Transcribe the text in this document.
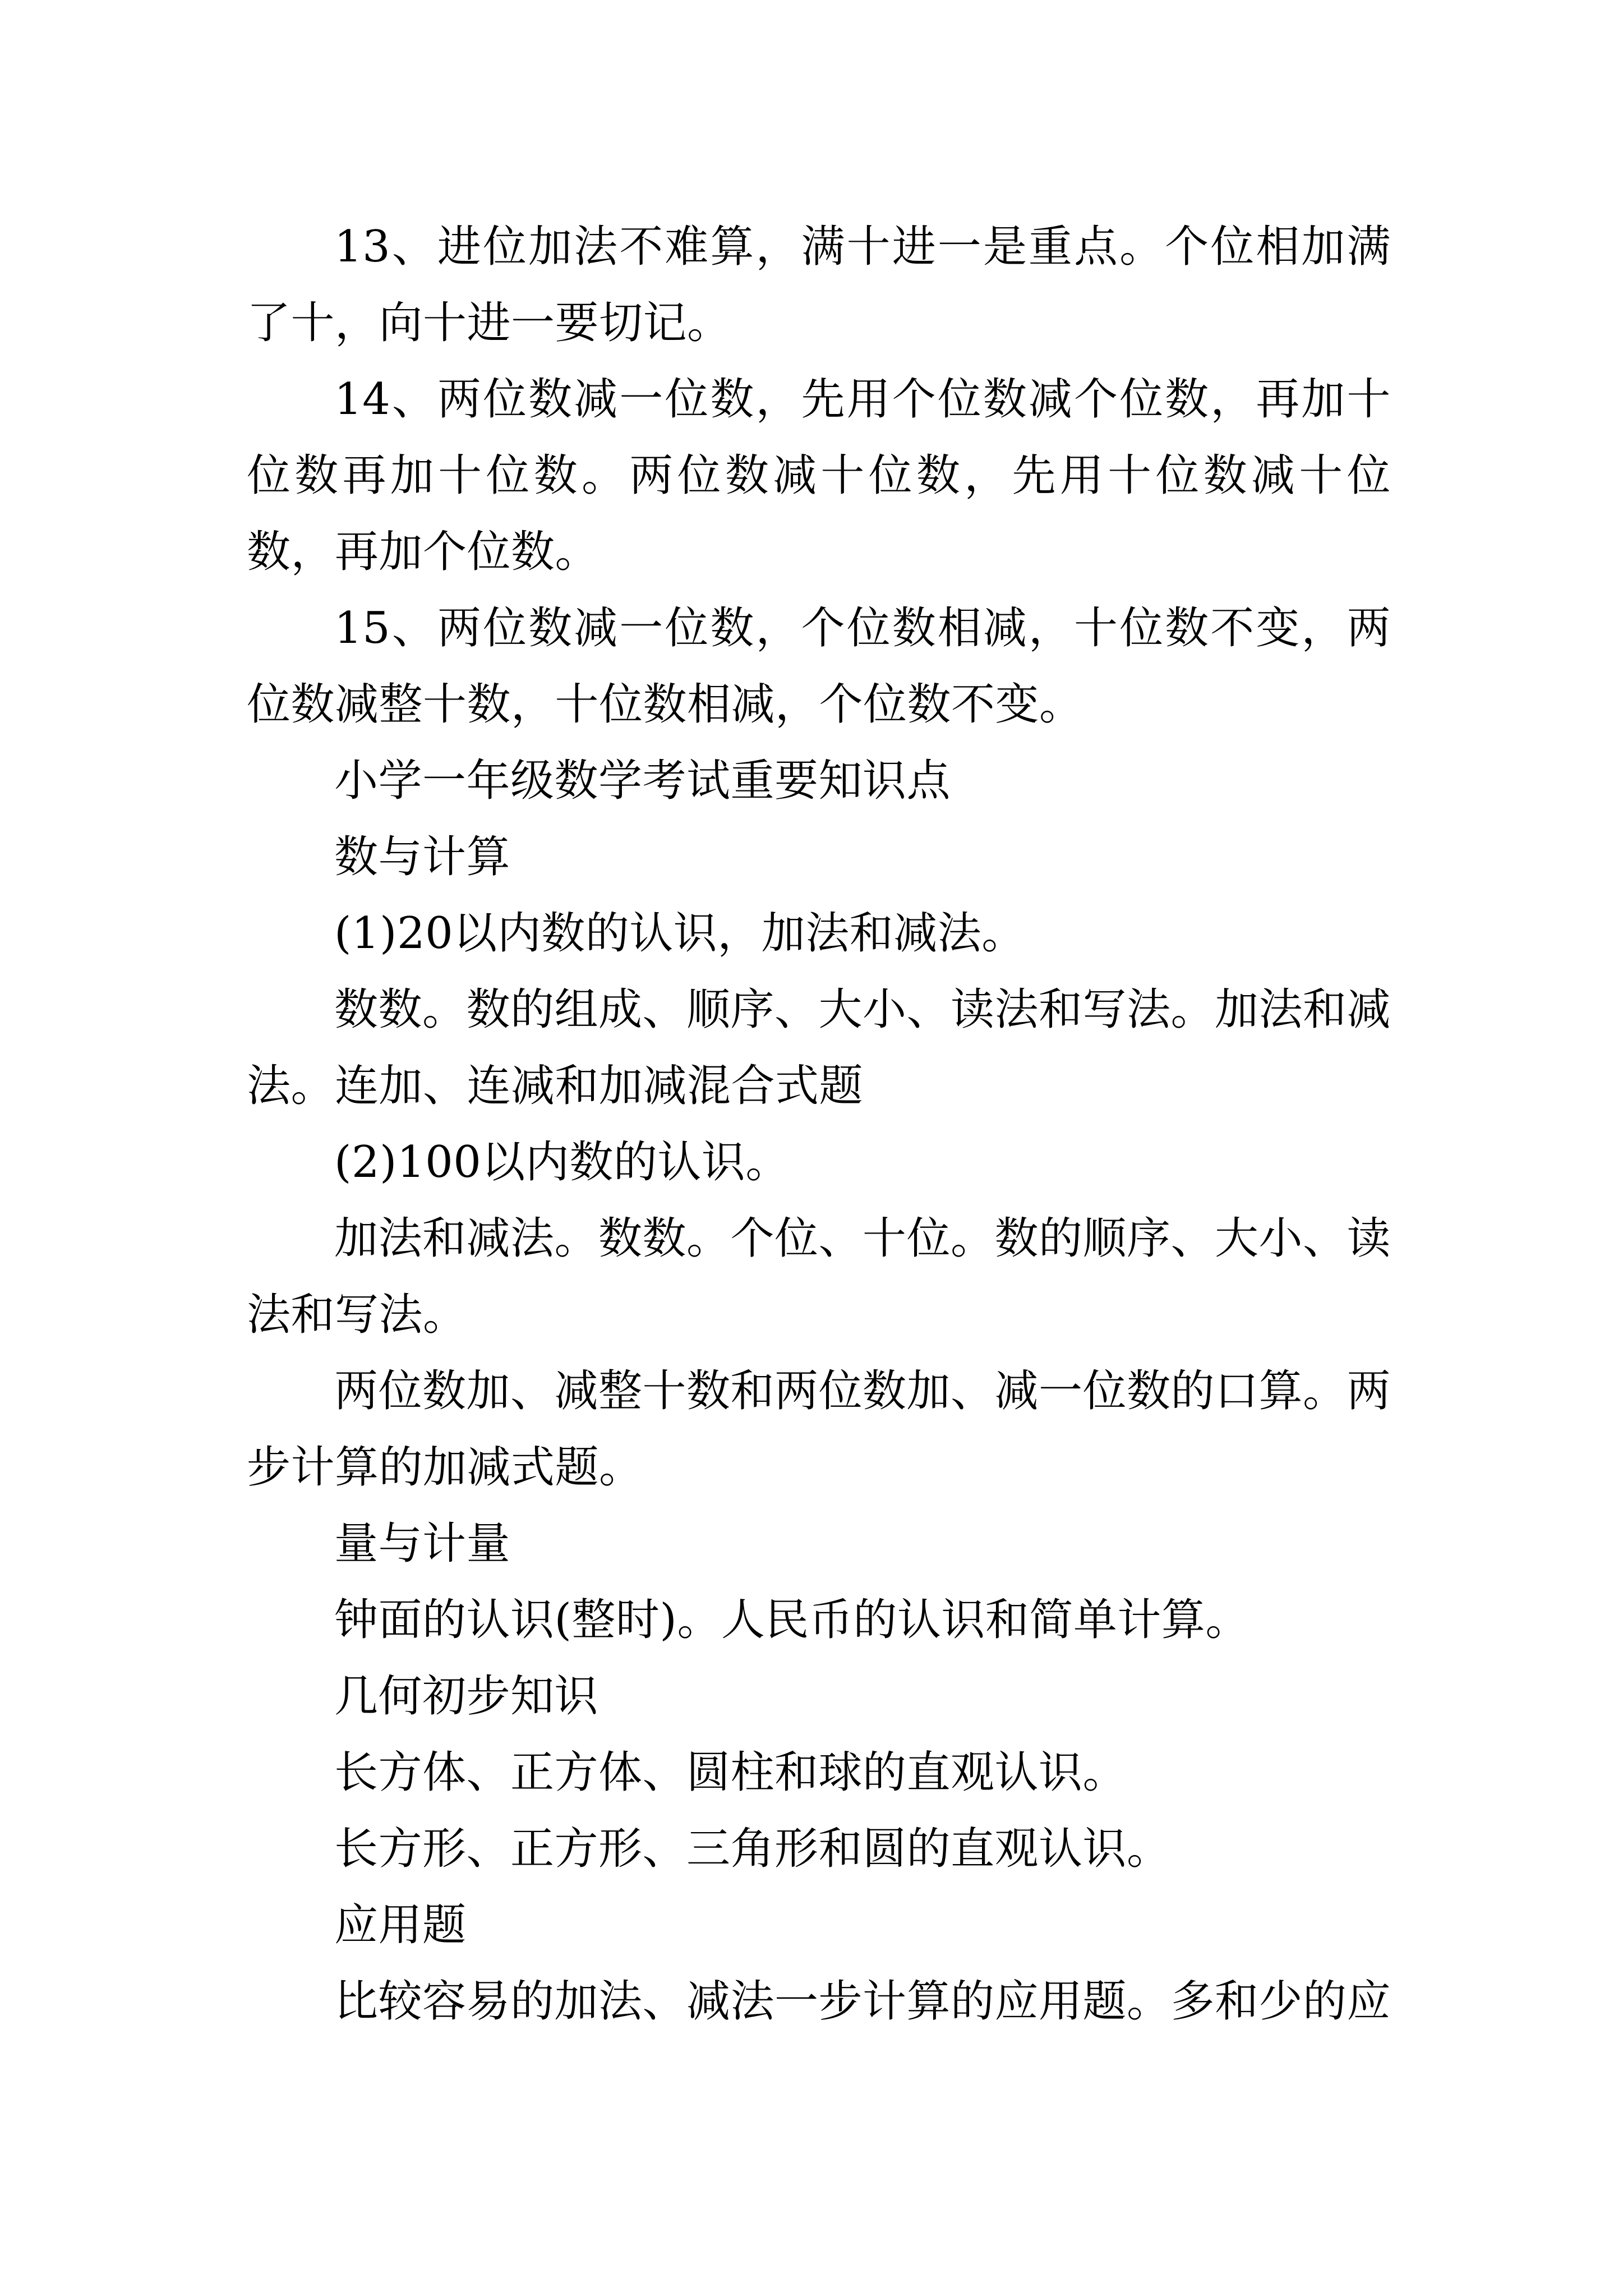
13、进位加法不难算，满十进一是重点。个位相加满了十，向十进一要切记。

14、两位数减一位数，先用个位数减个位数，再加十位数再加十位数。两位数减十位数，先用十位数减十位数，再加个位数。

15、两位数减一位数，个位数相减，十位数不变，两位数减整十数，十位数相减，个位数不变。

小学一年级数学考试重要知识点

数与计算

(1)20以内数的认识，加法和减法。

数数。数的组成、顺序、大小、读法和写法。加法和减法。连加、连减和加减混合式题

(2)100以内数的认识。

加法和减法。数数。个位、十位。数的顺序、大小、读法和写法。

两位数加、减整十数和两位数加、减一位数的口算。两步计算的加减式题。

量与计量

钟面的认识(整时)。人民币的认识和简单计算。

几何初步知识

长方体、正方体、圆柱和球的直观认识。

长方形、正方形、三角形和圆的直观认识。

应用题

比较容易的加法、减法一步计算的应用题。多和少的应
